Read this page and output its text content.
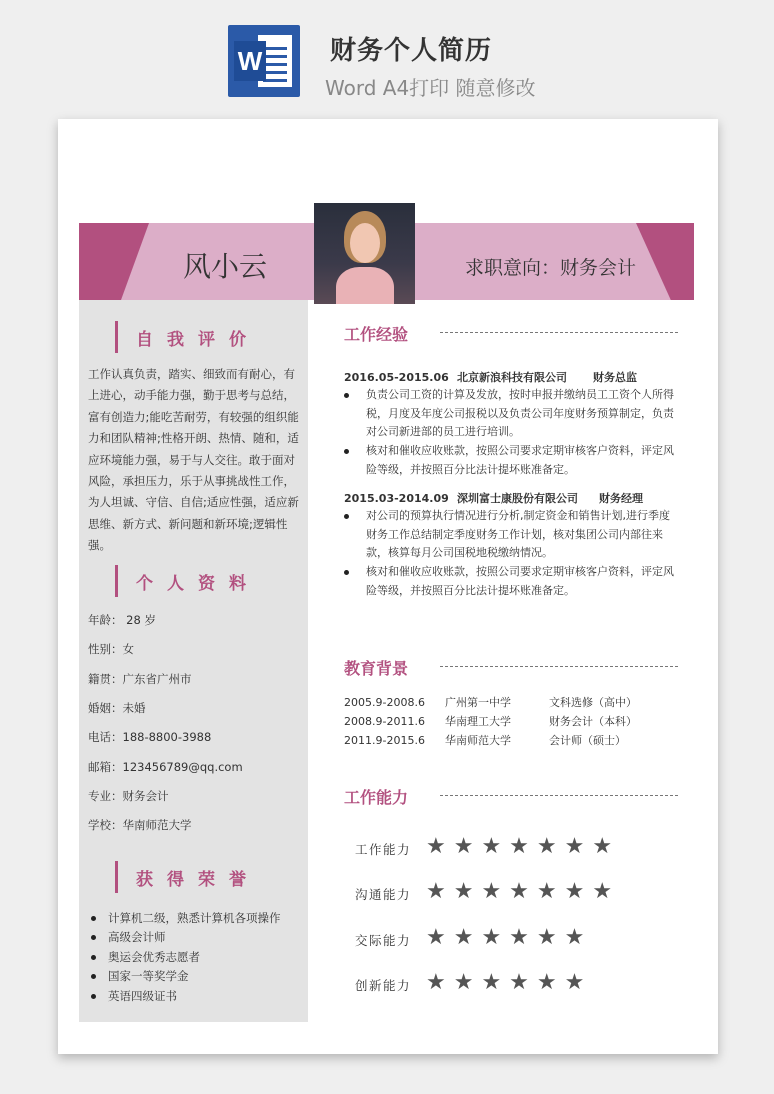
W	财务个人简历
Word A4打印 随意修改
风小云	求职意向：财务会计
自我评价
工作认真负责，踏实、细致而有耐心，有上进心，动手能力强，勤于思考与总结，富有创造力;能吃苦耐劳，有较强的组织能力和团队精神;性格开朗、热情、随和，适应环境能力强，易于与人交往。敢于面对风险，承担压力，乐于从事挑战性工作，为人坦诚、守信、自信;适应性强，适应新思维、新方式、新问题和新环境;逻辑性强。
个人资料
年龄： 28 岁
性别：女
籍贯：广东省广州市
婚姻：未婚
电话：188-8800-3988
邮箱：123456789@qq.com
专业：财务会计
学校：华南师范大学
获得荣誉
计算机二级，熟悉计算机各项操作
高级会计师
奥运会优秀志愿者
国家一等奖学金
英语四级证书
工作经验
2016.05-2015.06 北京新浪科技有限公司 财务总监
负责公司工资的计算及发放，按时申报并缴纳员工工资个人所得税，月度及年度公司报税以及负责公司年度财务预算制定，负责对公司新进部的员工进行培训。
核对和催收应收账款，按照公司要求定期审核客户资料，评定风险等级，并按照百分比法计提坏账准备定。
2015.03-2014.09 深圳富士康股份有限公司 财务经理
对公司的预算执行情况进行分析,制定资金和销售计划,进行季度财务工作总结制定季度财务工作计划，核对集团公司内部往来款，核算每月公司国税地税缴纳情况。
核对和催收应收账款，按照公司要求定期审核客户资料，评定风险等级，并按照百分比法计提坏账准备定。
教育背景
2005.9-2008.6 广州第一中学	文科选修（高中）
2008.9-2011.6 华南理工大学	财务会计（本科）
2011.9-2015.6 华南师范大学	会计师（硕士）
工作能力
工作能力 ★★★★★★★
沟通能力 ★★★★★★★
交际能力 ★★★★★★
创新能力 ★★★★★★
